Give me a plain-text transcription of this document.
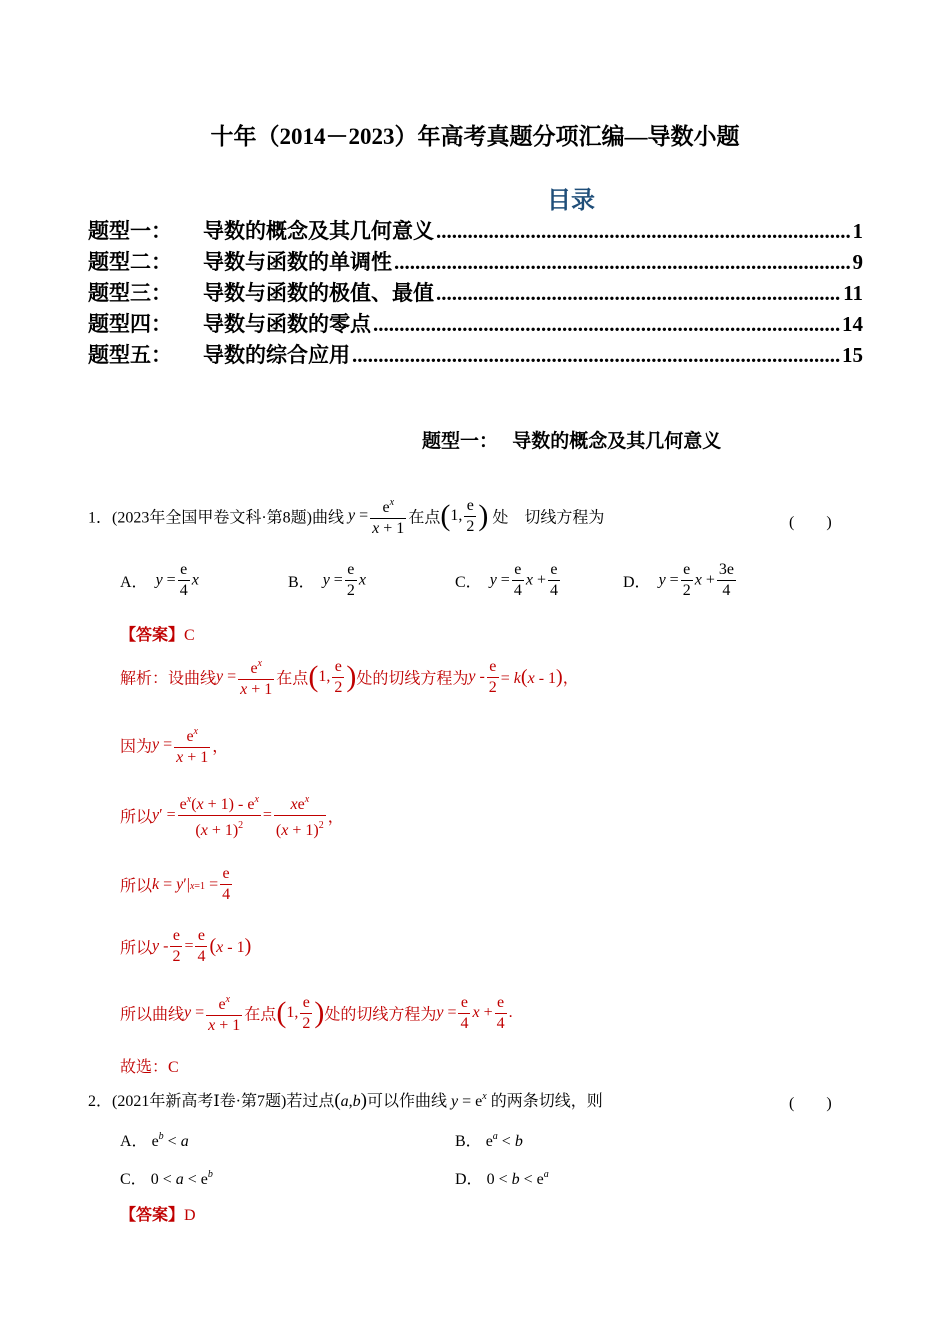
十年（2014－2023）年高考真题分项汇编—导数小题
目录
题型一：	导数的概念及其几何意义 .....	1
题型二：	导数与函数的单调性 .....	9
题型三：	导数与函数的极值、最值 .....	11
题型四：	导数与函数的零点 .....	14
题型五：	导数的综合应用 .....	15
题型一： 导数的概念及其几何意义
1．(2023年全国甲卷文科·第8题)曲线 $y = \frac{e^x}{x + 1}$ 在点(1, $\frac{e}{2}$ ) 处 切线方程为	(　　)
A． $y = \frac{e}{4}$ x	B． $y = \frac{e}{2}$ x	C． $y = \frac{e}{4}$ $x + \frac{e}{4}$	D． $y = \frac{e}{2}$ $x + \frac{3e}{4}$
【答案】C
解析：设曲线$y = \frac{e^x}{x + 1}$ 在点(1, $\frac{e}{2}$ )处的切线方程为$y - \frac{e}{2} = k(x - 1)$，
因为$y = \frac{e^x}{x + 1}$ ，
所以$y' = \frac{e^x(x + 1) - e^x}{(x + 1)^2} = \frac{xe^x}{(x + 1)^2}$ ，
所以$k = y'|x=1 = \frac{e}{4}$
所以$y - \frac{e}{2} = \frac{e}{4} (x - 1)$
所以曲线$y = \frac{e^x}{x + 1}$ 在点(1, $\frac{e}{2}$ )处的切线方程为$y = \frac{e}{4}$ $x + \frac{e}{4}$ .
故选：C
2．(2021年新高考Ⅰ卷·第7题)若过点(a,b)可以作曲线 $y = e^x$ 的两条切线，则	(　　)
A． $e^b < a$	B． $e^a < b$
C． $0 < a < e^b$	D． $0 < b < e^a$
【答案】D
